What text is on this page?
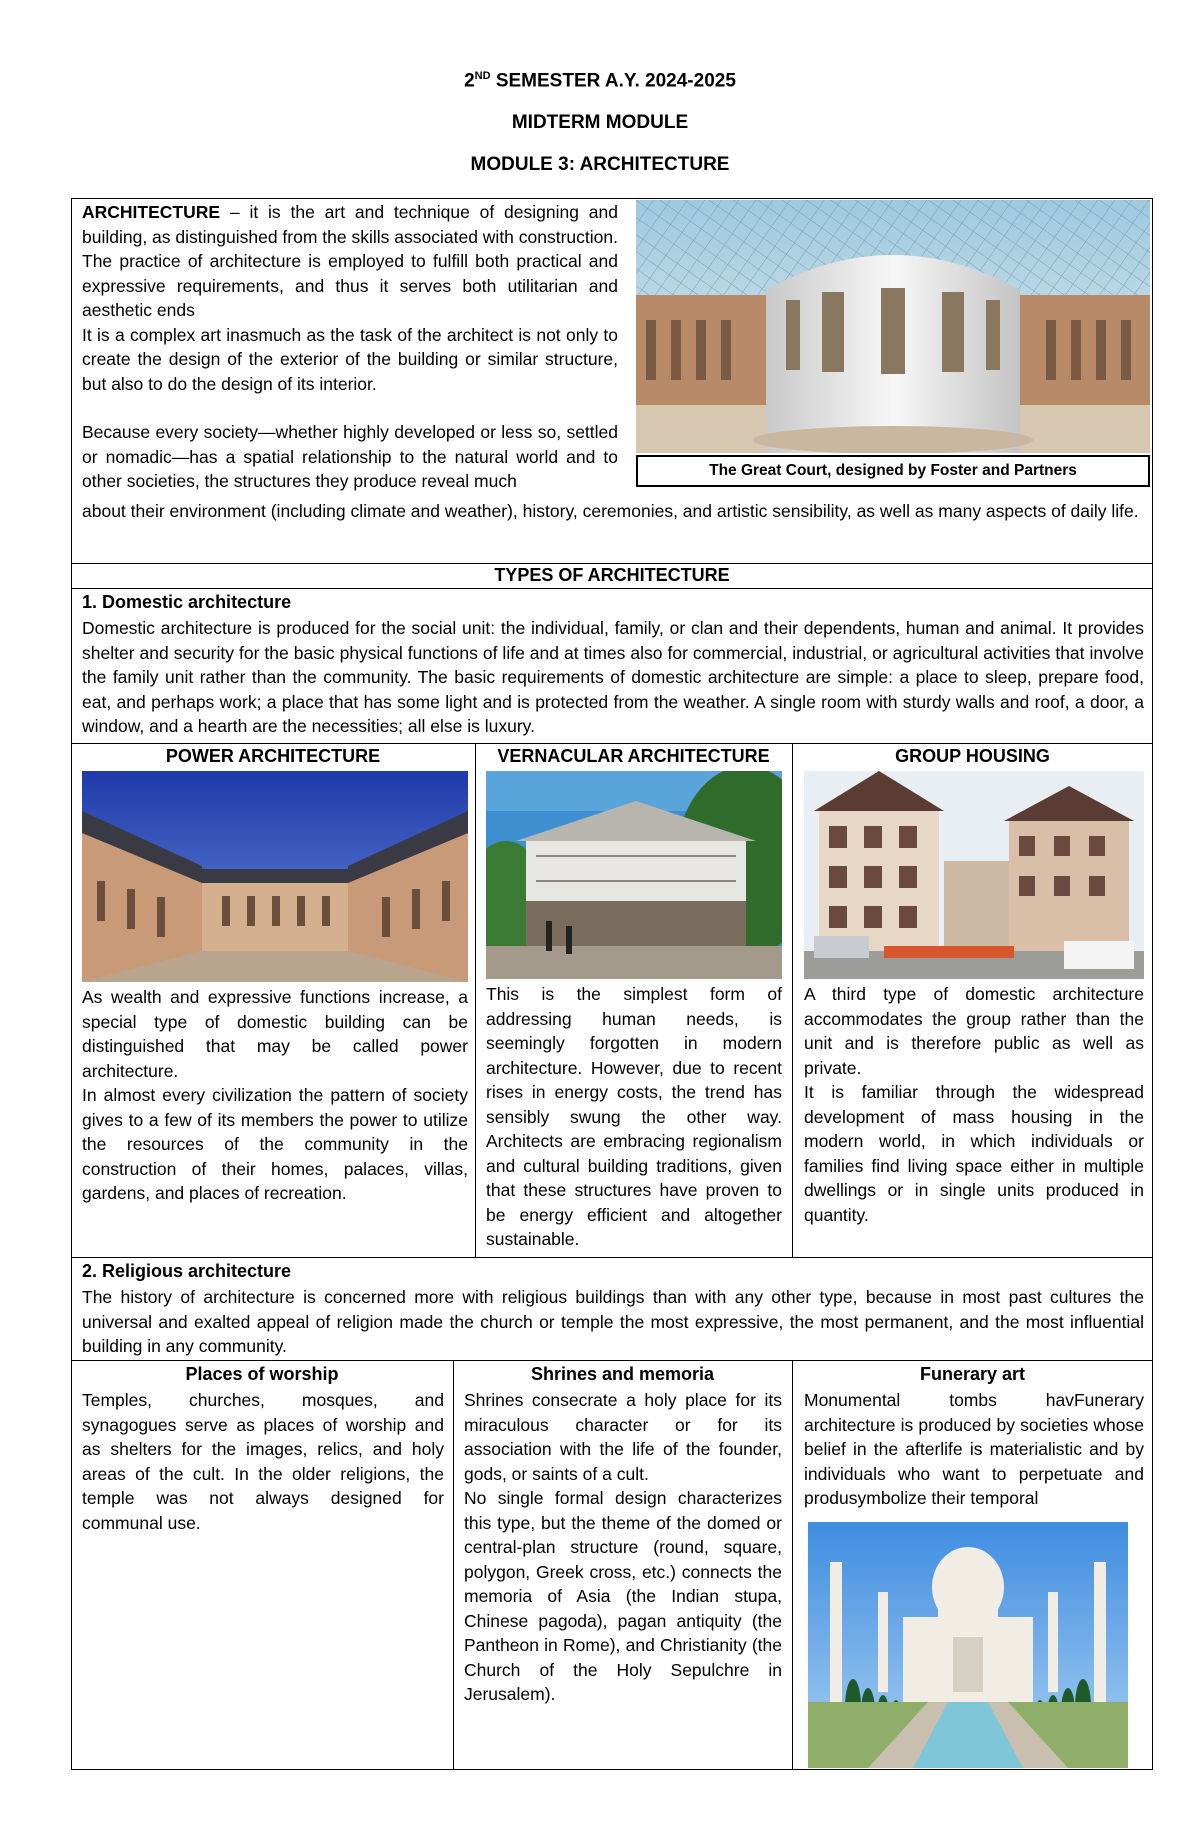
2ND SEMESTER A.Y. 2024-2025
MIDTERM MODULE
MODULE 3: ARCHITECTURE

ARCHITECTURE – it is the art and technique of designing and building, as distinguished from the skills associated with construction. The practice of architecture is employed to fulfill both practical and expressive requirements, and thus it serves both utilitarian and aesthetic ends

It is a complex art inasmuch as the task of the architect is not only to create the design of the exterior of the building or similar structure, but also to do the design of its interior.

Because every society—whether highly developed or less so, settled or nomadic—has a spatial relationship to the natural world and to other societies, the structures they produce reveal much

The Great Court, designed by Foster and Partners
about their environment (including climate and weather), history, ceremonies, and artistic sensibility, as well as many aspects of daily life.
TYPES OF ARCHITECTURE
1. Domestic architecture
Domestic architecture is produced for the social unit: the individual, family, or clan and their dependents, human and animal. It provides shelter and security for the basic physical functions of life and at times also for commercial, industrial, or agricultural activities that involve the family unit rather than the community. The basic requirements of domestic architecture are simple: a place to sleep, prepare food, eat, and perhaps work; a place that has some light and is protected from the weather. A single room with sturdy walls and roof, a door, a window, and a hearth are the necessities; all else is luxury.
POWER ARCHITECTURE

As wealth and expressive functions increase, a special type of domestic building can be distinguished that may be called power architecture.

In almost every civilization the pattern of society gives to a few of its members the power to utilize the resources of the community in the construction of their homes, palaces, villas, gardens, and places of recreation.

VERNACULAR ARCHITECTURE
This is the simplest form of addressing human needs, is seemingly forgotten in modern architecture. However, due to recent rises in energy costs, the trend has sensibly swung the other way. Architects are embracing regionalism and cultural building traditions, given that these structures have proven to be energy efficient and altogether sustainable.
GROUP HOUSING

A third type of domestic architecture accommodates the group rather than the unit and is therefore public as well as private.

It is familiar through the widespread development of mass housing in the modern world, in which individuals or families find living space either in multiple dwellings or in single units produced in quantity.

2. Religious architecture
The history of architecture is concerned more with religious buildings than with any other type, because in most past cultures the universal and exalted appeal of religion made the church or temple the most expressive, the most permanent, and the most influential building in any community.
Places of worship
Temples, churches, mosques, and synagogues serve as places of worship and as shelters for the images, relics, and holy areas of the cult. In the older religions, the temple was not always designed for communal use.
Shrines and memoria

Shrines consecrate a holy place for its miraculous character or for its association with the life of the founder, gods, or saints of a cult.

No single formal design characterizes this type, but the theme of the domed or central-plan structure (round, square, polygon, Greek cross, etc.) connects the memoria of Asia (the Indian stupa, Chinese pagoda), pagan antiquity (the Pantheon in Rome), and Christianity (the Church of the Holy Sepulchre in Jerusalem).

Funerary art
Monumental tombs havFunerary architecture is produced by societies whose belief in the afterlife is materialistic and by individuals who want to perpetuate and produsymbolize their temporal
